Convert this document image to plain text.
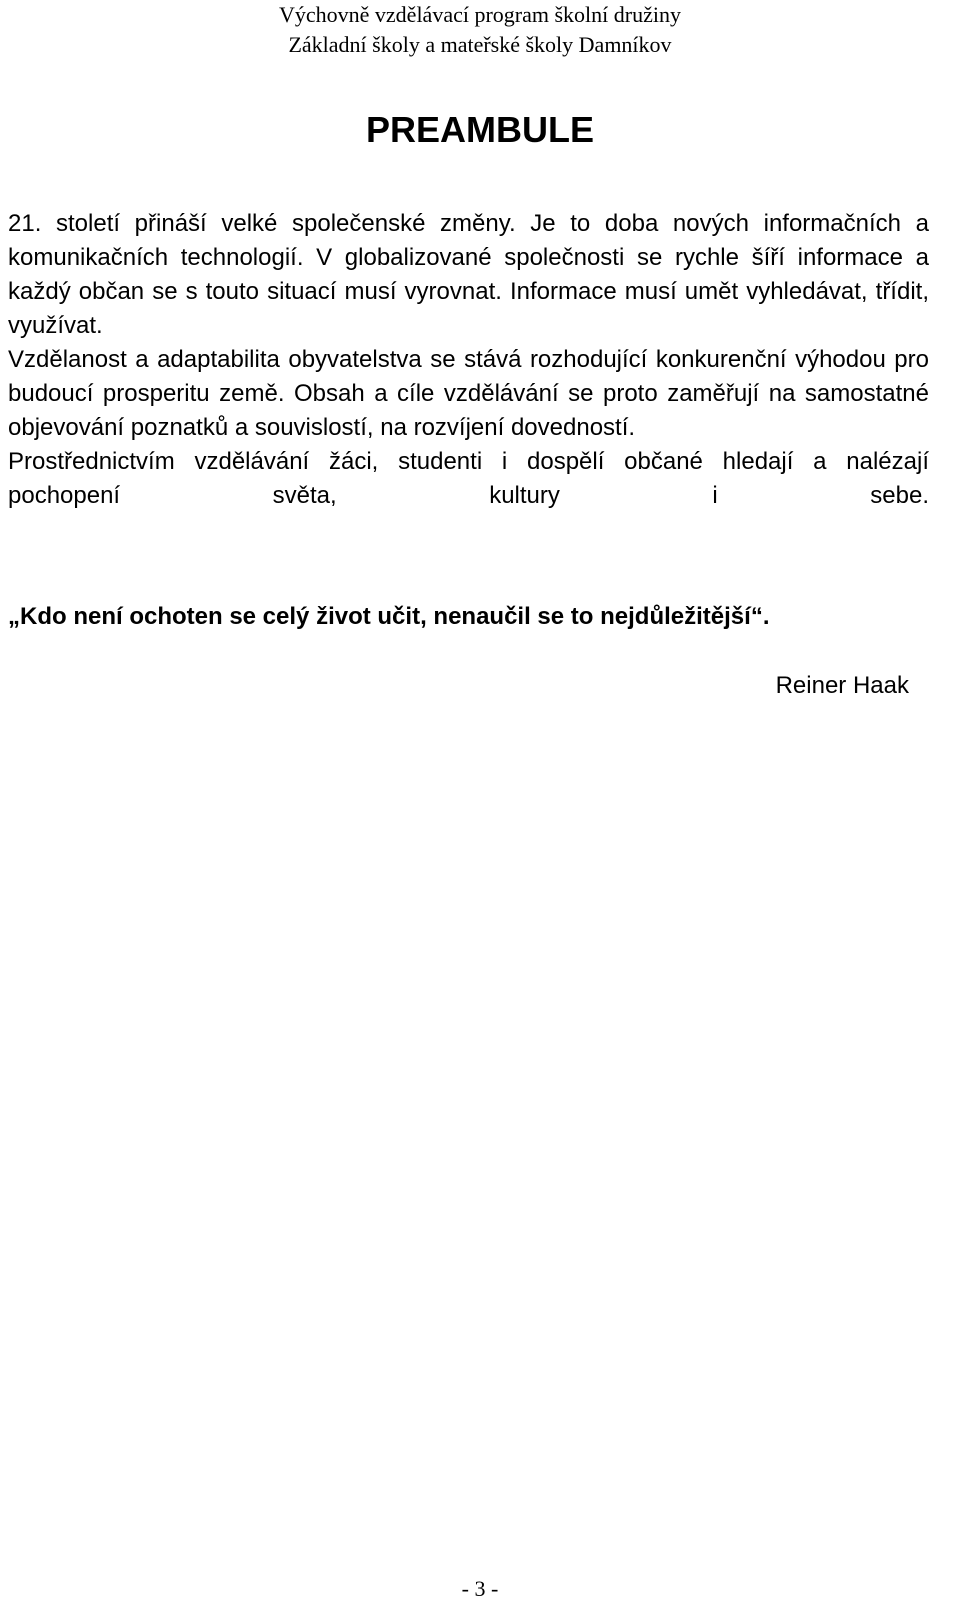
Výchovně vzdělávací program školní družiny
Základní školy a mateřské školy Damníkov
PREAMBULE

21. století přináší velké společenské změny. Je to doba nových informačních a komunikačních technologií. V globalizované společnosti se rychle šíří informace a každý občan se s touto situací musí vyrovnat. Informace musí umět vyhledávat, třídit, využívat.

Vzdělanost a adaptabilita obyvatelstva se stává rozhodující konkurenční výhodou pro budoucí prosperitu země. Obsah a cíle vzdělávání se proto zaměřují na samostatné objevování poznatků a souvislostí, na rozvíjení dovedností.

Prostřednictvím vzdělávání žáci, studenti i dospělí občané hledají a nalézají pochopení světa, kultury i sebe.

„Kdo není ochoten se celý život učit, nenaučil se to nejdůležitější“.

Reiner Haak

- 3 -
